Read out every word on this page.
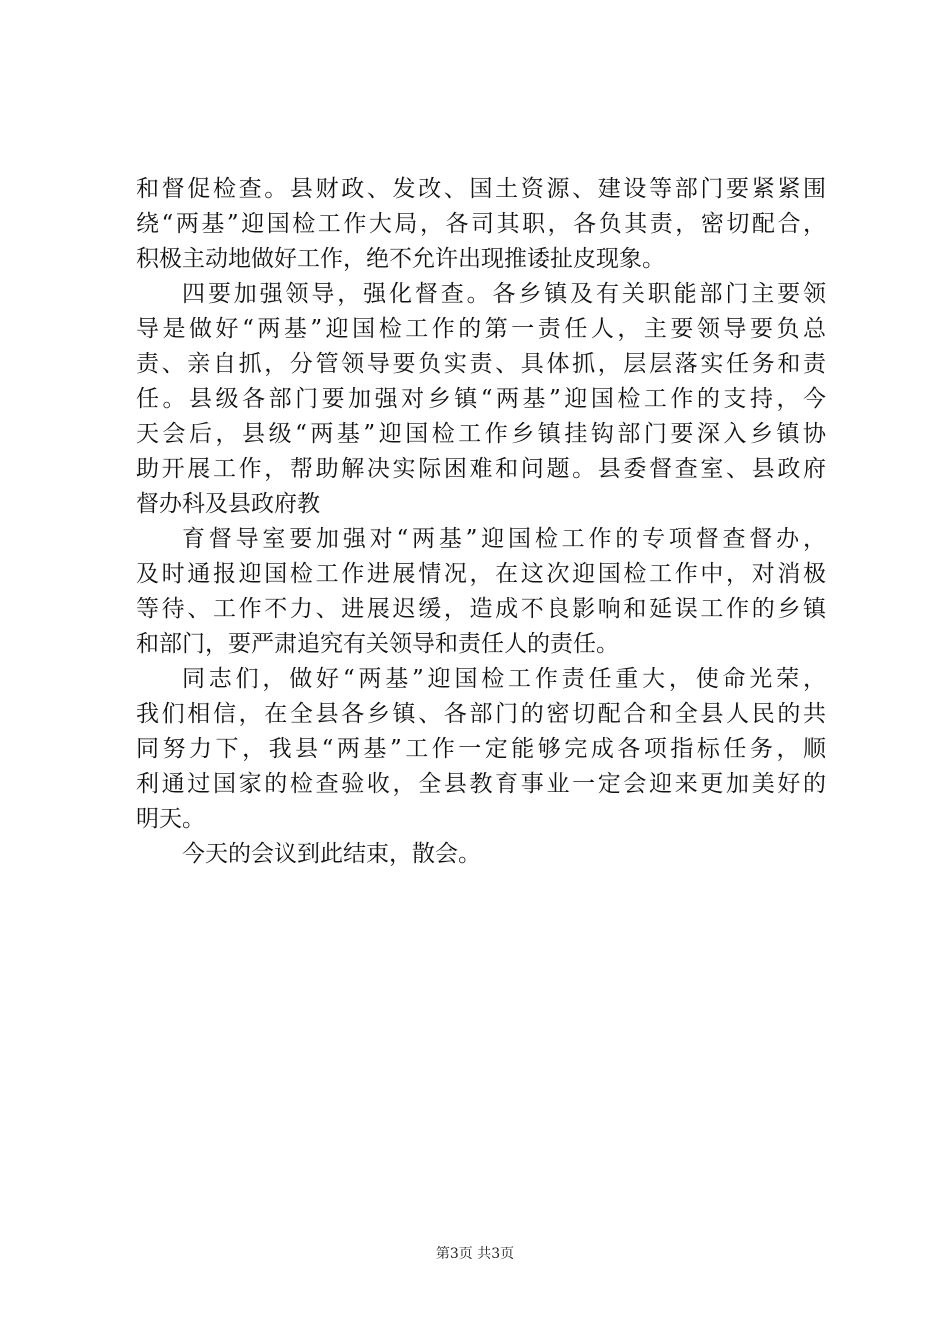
和督促检查。县财政、发改、国土资源、建设等部门要紧紧围
绕“两基”迎国检工作大局，各司其职，各负其责，密切配合，
积极主动地做好工作，绝不允许出现推诿扯皮现象。
四要加强领导，强化督查。各乡镇及有关职能部门主要领
导是做好“两基”迎国检工作的第一责任人，主要领导要负总
责、亲自抓，分管领导要负实责、具体抓，层层落实任务和责
任。县级各部门要加强对乡镇“两基”迎国检工作的支持，今
天会后，县级“两基”迎国检工作乡镇挂钩部门要深入乡镇协
助开展工作，帮助解决实际困难和问题。县委督查室、县政府
督办科及县政府教
育督导室要加强对“两基”迎国检工作的专项督查督办，
及时通报迎国检工作进展情况，在这次迎国检工作中，对消极
等待、工作不力、进展迟缓，造成不良影响和延误工作的乡镇
和部门，要严肃追究有关领导和责任人的责任。
同志们，做好“两基”迎国检工作责任重大，使命光荣，
我们相信，在全县各乡镇、各部门的密切配合和全县人民的共
同努力下，我县“两基”工作一定能够完成各项指标任务，顺
利通过国家的检查验收，全县教育事业一定会迎来更加美好的
明天。
今天的会议到此结束，散会。
第3页 共3页
